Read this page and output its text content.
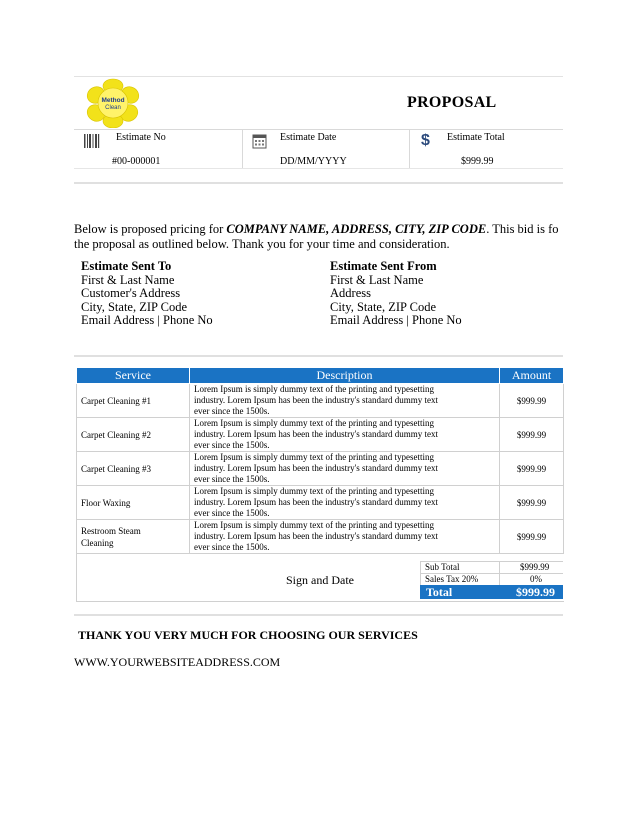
Method
Clean	PROPOSAL
Estimate No
#00-000001
Estimate Date
DD/MM/YYYY
$ Estimate Total
$999.99
Below is proposed pricing for COMPANY NAME, ADDRESS, CITY, ZIP CODE. This bid is fo
the proposal as outlined below. Thank you for your time and consideration.
Estimate Sent To
First & Last Name
Customer's Address
City, State, ZIP Code
Email Address | Phone No
Estimate Sent From
First & Last Name
Address
City, State, ZIP Code
Email Address | Phone No
Service	Description	Amount
Carpet Cleaning #1	Lorem Ipsum is simply dummy text of the printing and typesetting
industry. Lorem Ipsum has been the industry's standard dummy text
ever since the 1500s.	$999.99
Carpet Cleaning #2	Lorem Ipsum is simply dummy text of the printing and typesetting
industry. Lorem Ipsum has been the industry's standard dummy text
ever since the 1500s.	$999.99
Carpet Cleaning #3	Lorem Ipsum is simply dummy text of the printing and typesetting
industry. Lorem Ipsum has been the industry's standard dummy text
ever since the 1500s.	$999.99
Floor Waxing	Lorem Ipsum is simply dummy text of the printing and typesetting
industry. Lorem Ipsum has been the industry's standard dummy text
ever since the 1500s.	$999.99
Restroom Steam Cleaning	Lorem Ipsum is simply dummy text of the printing and typesetting
industry. Lorem Ipsum has been the industry's standard dummy text
ever since the 1500s.	$999.99
Sub Total	$999.99
Sales Tax 20%	0%
Sign and Date
Total	$999.99
THANK YOU VERY MUCH FOR CHOOSING OUR SERVICES
WWW.YOURWEBSITEADDRESS.COM
